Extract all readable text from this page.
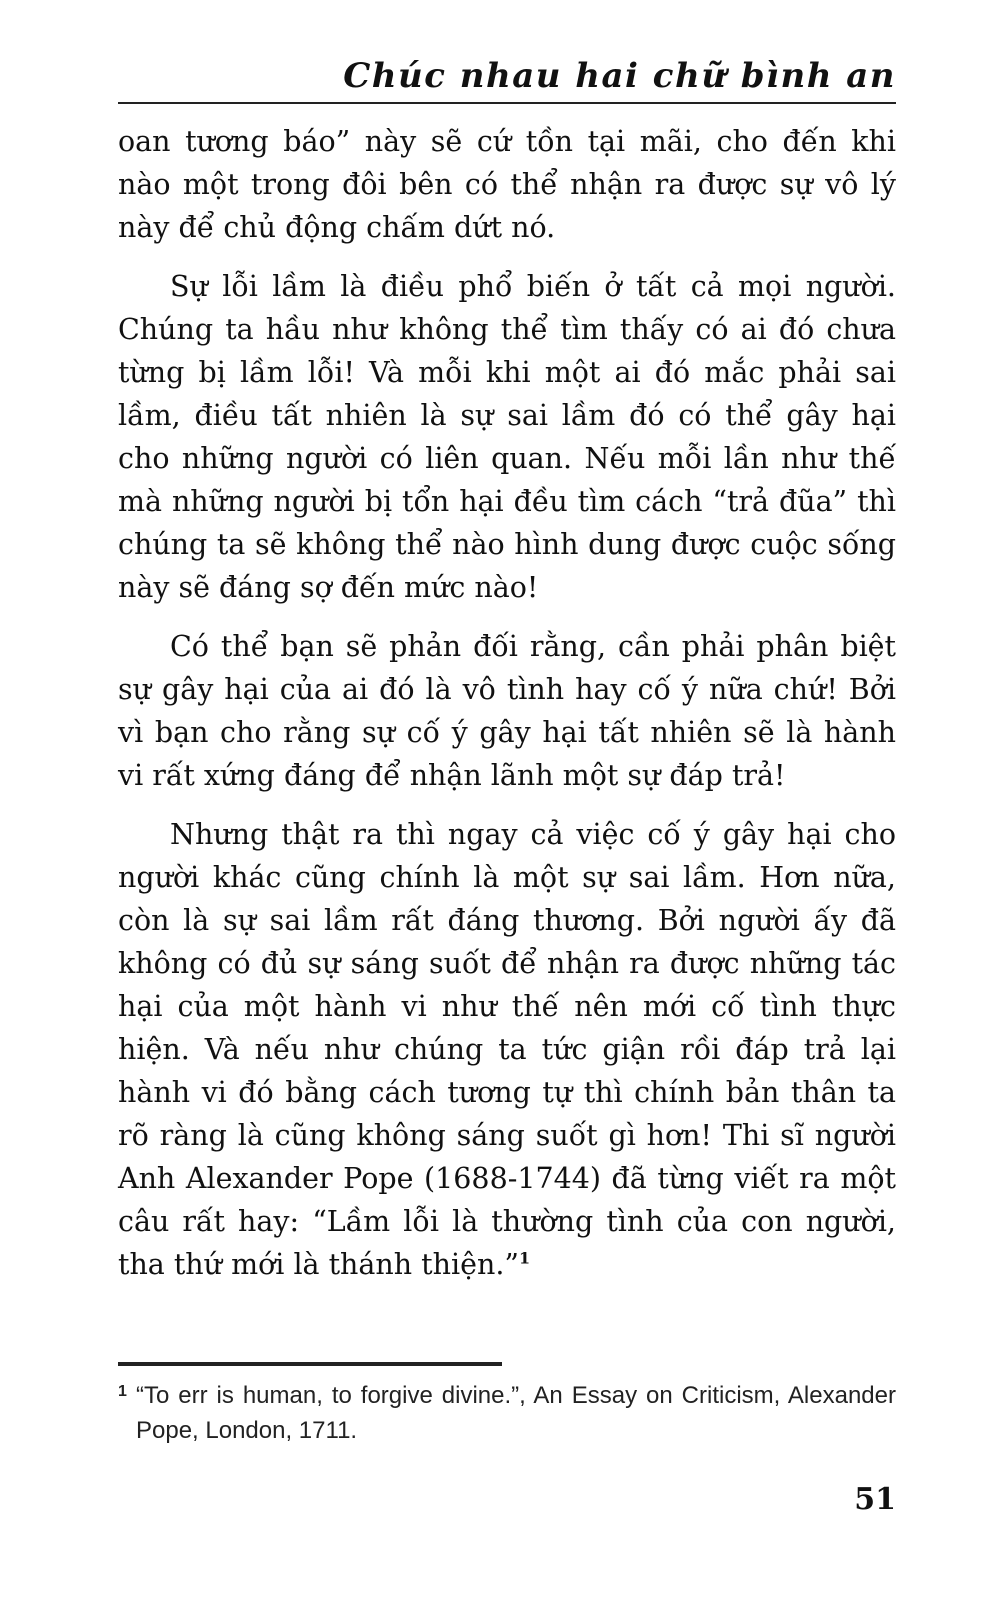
Chúc nhau hai chữ bình an

oan tương báo” này sẽ cứ tồn tại mãi, cho đến khi nào một trong đôi bên có thể nhận ra được sự vô lý này để chủ động chấm dứt nó.

Sự lỗi lầm là điều phổ biến ở tất cả mọi người. Chúng ta hầu như không thể tìm thấy có ai đó chưa từng bị lầm lỗi! Và mỗi khi một ai đó mắc phải sai lầm, điều tất nhiên là sự sai lầm đó có thể gây hại cho những người có liên quan. Nếu mỗi lần như thế mà những người bị tổn hại đều tìm cách “trả đũa” thì chúng ta sẽ không thể nào hình dung được cuộc sống này sẽ đáng sợ đến mức nào!

Có thể bạn sẽ phản đối rằng, cần phải phân biệt sự gây hại của ai đó là vô tình hay cố ý nữa chứ! Bởi vì bạn cho rằng sự cố ý gây hại tất nhiên sẽ là hành vi rất xứng đáng để nhận lãnh một sự đáp trả!

Nhưng thật ra thì ngay cả việc cố ý gây hại cho người khác cũng chính là một sự sai lầm. Hơn nữa, còn là sự sai lầm rất đáng thương. Bởi người ấy đã không có đủ sự sáng suốt để nhận ra được những tác hại của một hành vi như thế nên mới cố tình thực hiện. Và nếu như chúng ta tức giận rồi đáp trả lại hành vi đó bằng cách tương tự thì chính bản thân ta rõ ràng là cũng không sáng suốt gì hơn! Thi sĩ người Anh Alexander Pope (1688-1744) đã từng viết ra một câu rất hay: “Lầm lỗi là thường tình của con người, tha thứ mới là thánh thiện.”$^1$

1 “To err is human, to forgive divine.”, An Essay on Criticism, Alexander Pope, London, 1711.
51
